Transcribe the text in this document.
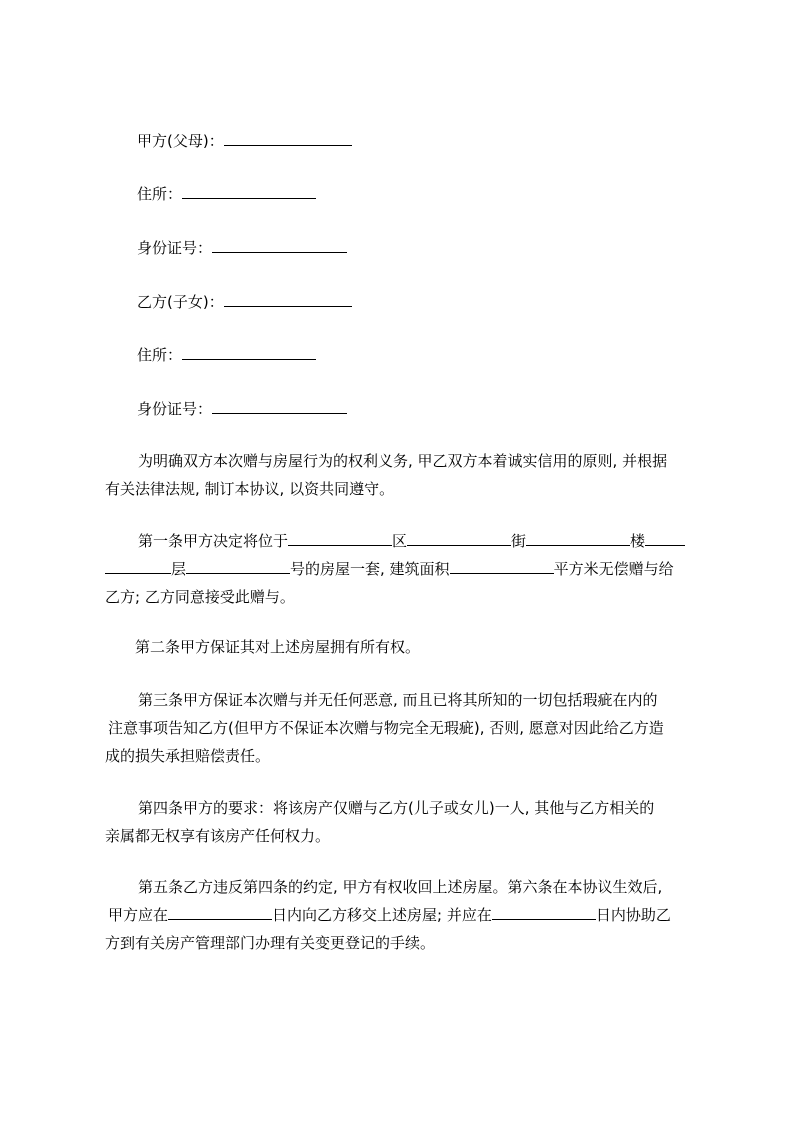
甲方(父母)：
住所：
身份证号：
乙方(子女)：
住所：
身份证号：
为明确双方本次赠与房屋行为的权利义务, 甲乙双方本着诚实信用的原则, 并根据
有关法律法规, 制订本协议, 以资共同遵守。
第一条甲方决定将位于	区	街	楼
层	号的房屋一套, 建筑面积	平方米无偿赠与给
乙方; 乙方同意接受此赠与。
第二条甲方保证其对上述房屋拥有所有权。
第三条甲方保证本次赠与并无任何恶意, 而且已将其所知的一切包括瑕疵在内的
注意事项告知乙方(但甲方不保证本次赠与物完全无瑕疵), 否则, 愿意对因此给乙方造
成的损失承担赔偿责任。
第四条甲方的要求：将该房产仅赠与乙方(儿子或女儿)一人, 其他与乙方相关的
亲属都无权享有该房产任何权力。
第五条乙方违反第四条的约定, 甲方有权收回上述房屋。第六条在本协议生效后,
甲方应在	日内向乙方移交上述房屋; 并应在	日内协助乙
方到有关房产管理部门办理有关变更登记的手续。
